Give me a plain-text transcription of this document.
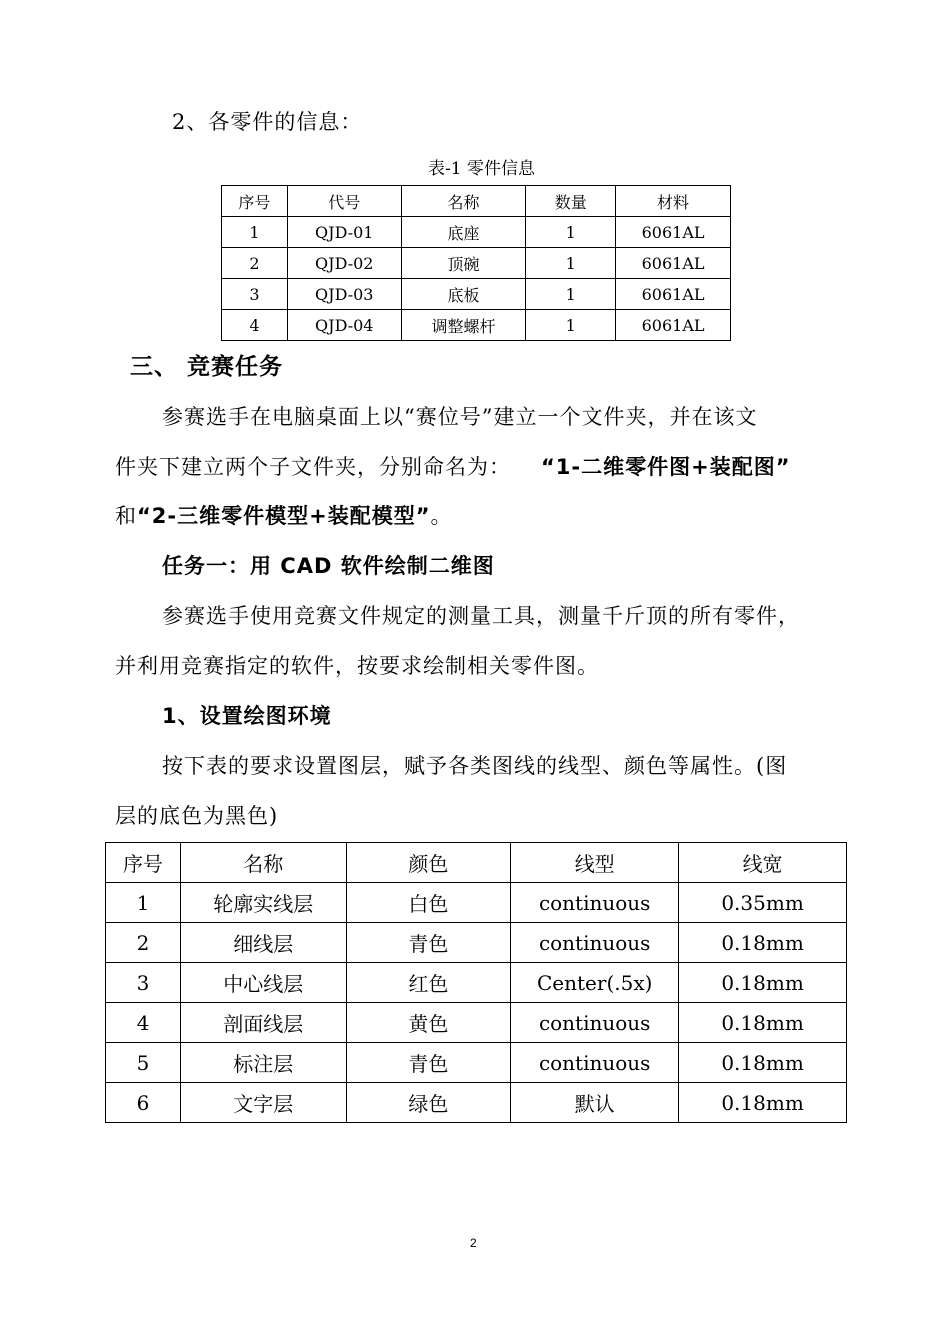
2、各零件的信息：
表-1 零件信息
序号	代号	名称	数量	材料
1	QJD-01	底座	1	6061AL
2	QJD-02	顶碗	1	6061AL
3	QJD-03	底板	1	6061AL
4	QJD-04	调整螺杆	1	6061AL
三、 竞赛任务
参赛选手在电脑桌面上以“赛位号”建立一个文件夹，并在该文
件夹下建立两个子文件夹，分别命名为： “1-二维零件图+装配图”
和“2-三维零件模型+装配模型”。
任务一：用 CAD 软件绘制二维图
参赛选手使用竞赛文件规定的测量工具，测量千斤顶的所有零件，
并利用竞赛指定的软件，按要求绘制相关零件图。
1、设置绘图环境
按下表的要求设置图层，赋予各类图线的线型、颜色等属性。(图
层的底色为黑色)
序号	名称	颜色	线型	线宽
1	轮廓实线层	白色	continuous	0.35mm
2	细线层	青色	continuous	0.18mm
3	中心线层	红色	Center(.5x)	0.18mm
4	剖面线层	黄色	continuous	0.18mm
5	标注层	青色	continuous	0.18mm
6	文字层	绿色	默认	0.18mm
2
